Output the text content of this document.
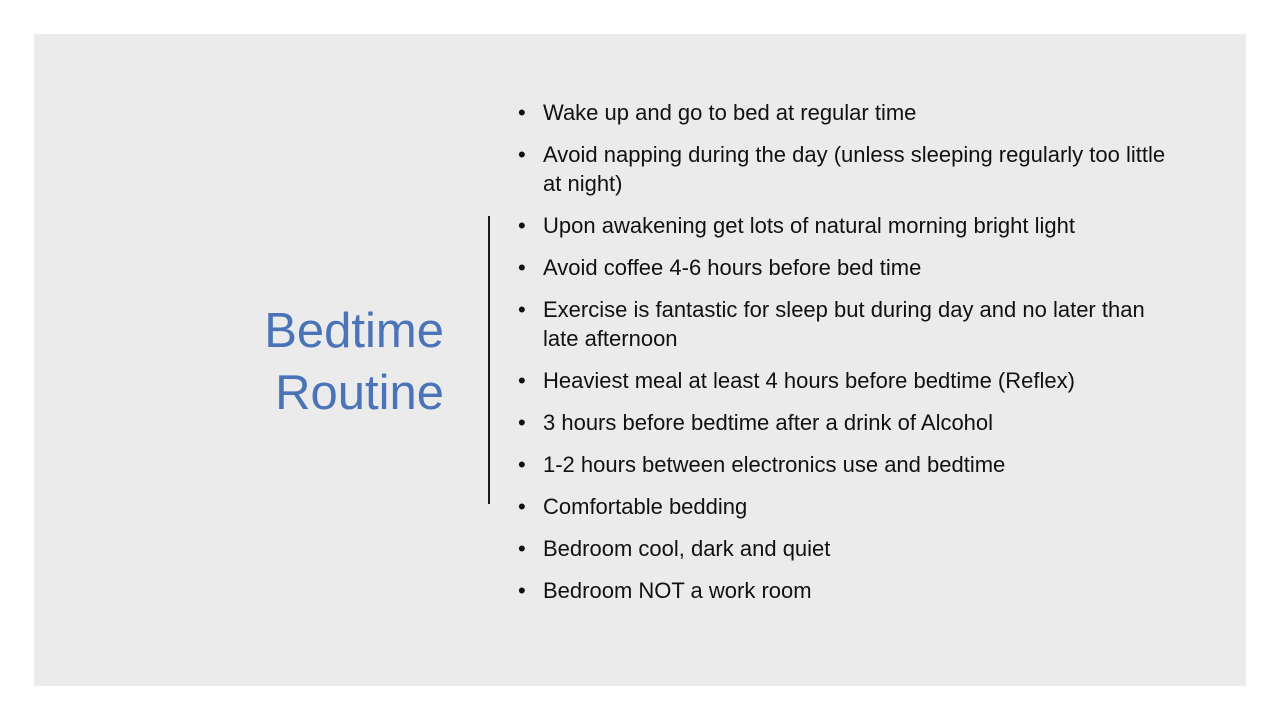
Bedtime
Routine
• Wake up and go to bed at regular time
• Avoid napping during the day (unless sleeping regularly too little at night)
• Upon awakening get lots of natural morning bright light
• Avoid coffee 4-6 hours before bed time
• Exercise is fantastic for sleep but during day and no later than late afternoon
• Heaviest meal at least 4 hours before bedtime (Reflex)
• 3 hours before bedtime after a drink of Alcohol
• 1-2 hours between electronics use and bedtime
• Comfortable bedding
• Bedroom cool, dark and quiet
• Bedroom NOT a work room
